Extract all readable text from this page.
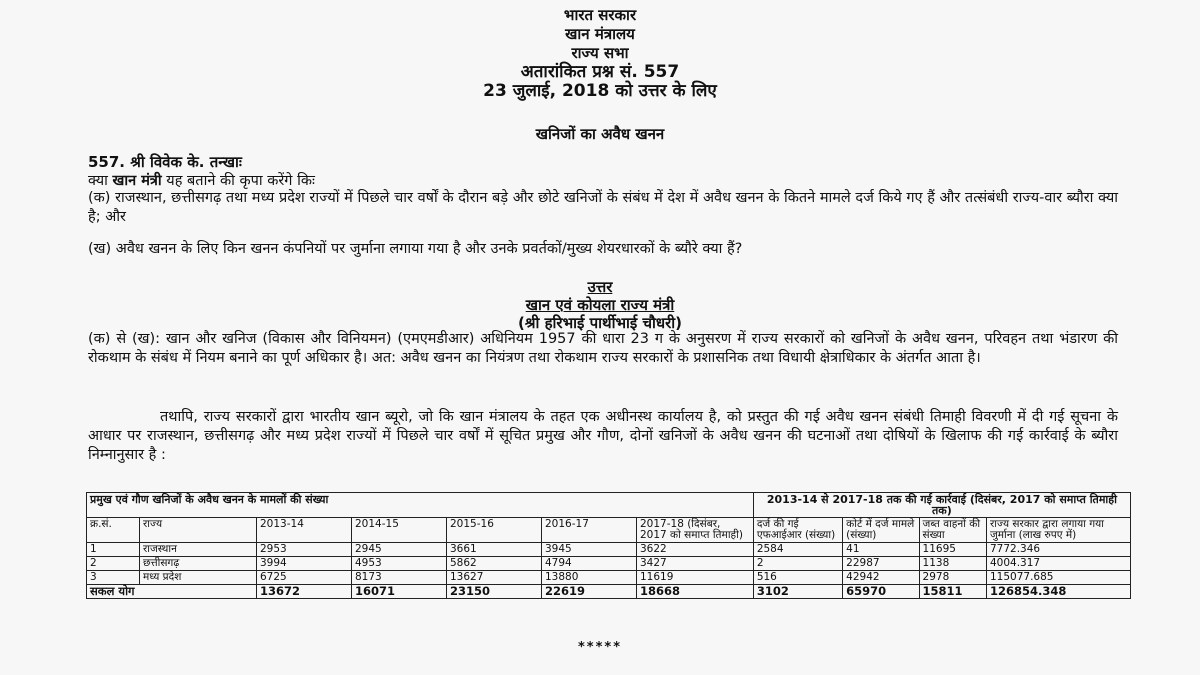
भारत सरकार
खान मंत्रालय
राज्य सभा
अतारांकित प्रश्न सं. 557
23 जुलाई, 2018 को उत्तर के लिए
खनिजों का अवैध खनन
557. श्री विवेक के. तन्खाः
क्या खान मंत्री यह बताने की कृपा करेंगे किः
(क) राजस्थान, छत्तीसगढ़ तथा मध्य प्रदेश राज्यों में पिछले चार वर्षों के दौरान बड़े और छोटे खनिजों के संबंध में देश में अवैध खनन के कितने मामले दर्ज किये गए हैं और तत्संबंधी राज्य-वार ब्यौरा क्या है; और
(ख) अवैध खनन के लिए किन खनन कंपनियों पर जुर्माना लगाया गया है और उनके प्रवर्तकों/मुख्य शेयरधारकों के ब्यौरे क्या हैं?
उत्तर
खान एवं कोयला राज्य मंत्री
(श्री हरिभाई पार्थीभाई चौधरी)
(क) से (ख): खान और खनिज (विकास और विनियमन) (एमएमडीआर) अधिनियम 1957 की धारा 23 ग के अनुसरण में राज्य सरकारों को खनिजों के अवैध खनन, परिवहन तथा भंडारण की रोकथाम के संबंध में नियम बनाने का पूर्ण अधिकार है। अत: अवैध खनन का नियंत्रण तथा रोकथाम राज्य सरकारों के प्रशासनिक तथा विधायी क्षेत्राधिकार के अंतर्गत आता है।
तथापि, राज्य सरकारों द्वारा भारतीय खान ब्यूरो, जो कि खान मंत्रालय के तहत एक अधीनस्थ कार्यालय है, को प्रस्तुत की गई अवैध खनन संबंधी तिमाही विवरणी में दी गई सूचना के आधार पर राजस्थान, छत्तीसगढ़ और मध्य प्रदेश राज्यों में पिछले चार वर्षों में सूचित प्रमुख और गौण, दोनों खनिजों के अवैध खनन की घटनाओं तथा दोषियों के खिलाफ की गई कार्रवाई के ब्यौरा निम्नानुसार है :
प्रमुख एवं गौण खनिजों के अवैध खनन के मामलों की संख्या							2013-14 से 2017-18 तक की गई कार्रवाई (दिसंबर, 2017 को समाप्त तिमाही तक)			
क्र.सं.	राज्य	2013-14	2014-15	2015-16	2016-17	2017-18 (दिसंबर, 2017 को समाप्त तिमाही)	दर्ज की गई एफआईआर (संख्या)	कोर्ट में दर्ज मामले (संख्या)	जब्त वाहनों की संख्या	राज्य सरकार द्वारा लगाया गया जुर्माना (लाख रुपए में)
1	राजस्थान	2953	2945	3661	3945	3622	2584	41	11695	7772.346
2	छत्तीसगढ़	3994	4953	5862	4794	3427	2	22987	1138	4004.317
3	मध्य प्रदेश	6725	8173	13627	13880	11619	516	42942	2978	115077.685
सकल योग		13672	16071	23150	22619	18668	3102	65970	15811	126854.348
*****
